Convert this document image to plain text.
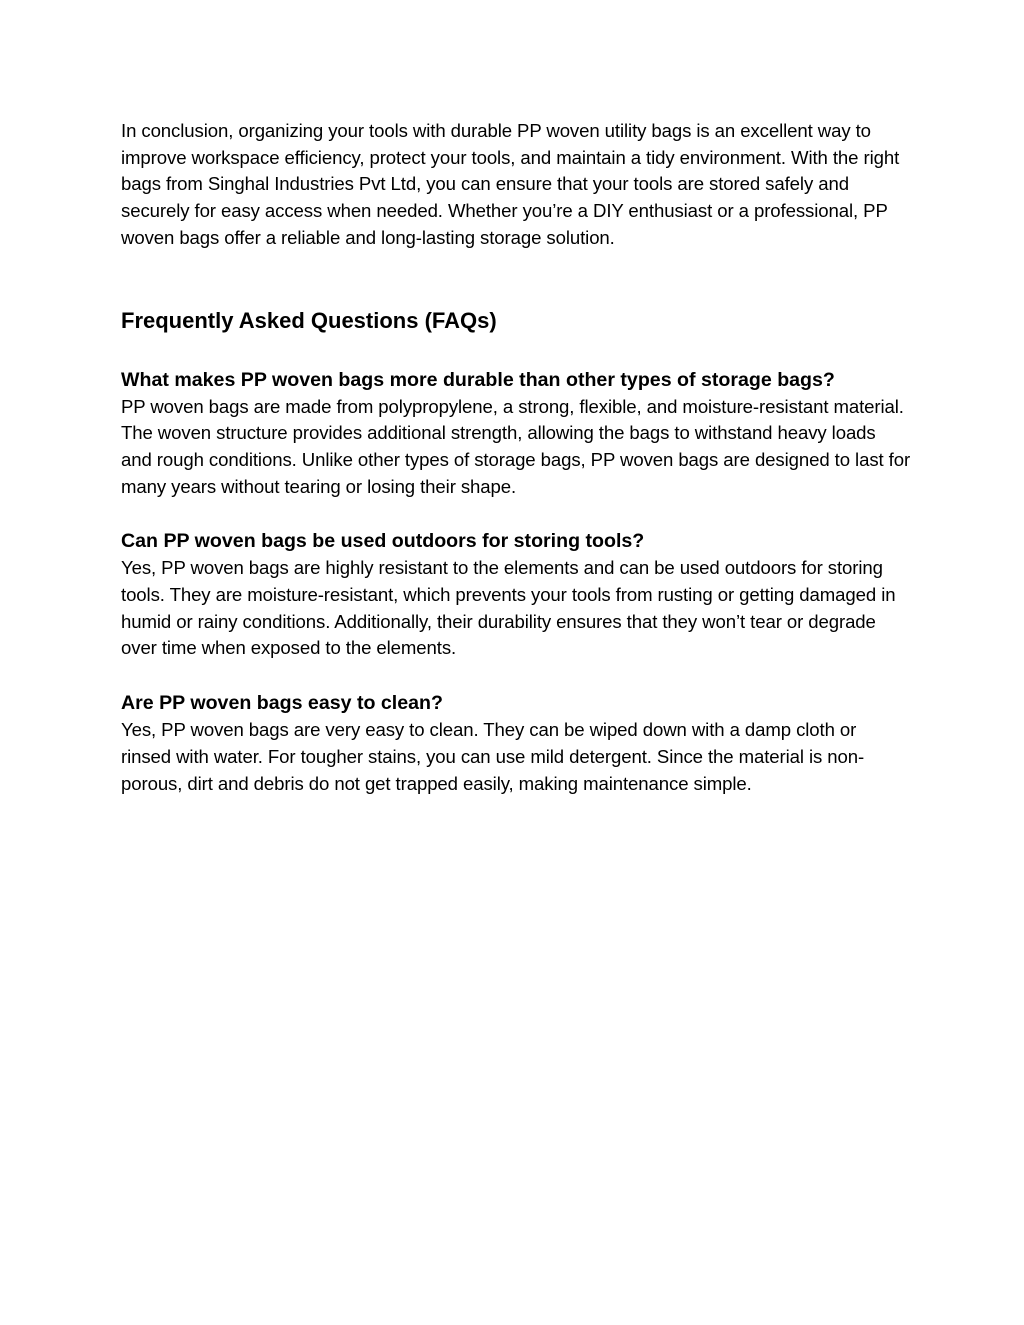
In conclusion, organizing your tools with durable PP woven utility bags is an excellent way to improve workspace efficiency, protect your tools, and maintain a tidy environment. With the right bags from Singhal Industries Pvt Ltd, you can ensure that your tools are stored safely and securely for easy access when needed. Whether you’re a DIY enthusiast or a professional, PP woven bags offer a reliable and long-lasting storage solution.

Frequently Asked Questions (FAQs)
What makes PP woven bags more durable than other types of storage bags?

PP woven bags are made from polypropylene, a strong, flexible, and moisture-resistant material. The woven structure provides additional strength, allowing the bags to withstand heavy loads and rough conditions. Unlike other types of storage bags, PP woven bags are designed to last for many years without tearing or losing their shape.

Can PP woven bags be used outdoors for storing tools?

Yes, PP woven bags are highly resistant to the elements and can be used outdoors for storing tools. They are moisture-resistant, which prevents your tools from rusting or getting damaged in humid or rainy conditions. Additionally, their durability ensures that they won’t tear or degrade over time when exposed to the elements.

Are PP woven bags easy to clean?

Yes, PP woven bags are very easy to clean. They can be wiped down with a damp cloth or rinsed with water. For tougher stains, you can use mild detergent. Since the material is non-porous, dirt and debris do not get trapped easily, making maintenance simple.
